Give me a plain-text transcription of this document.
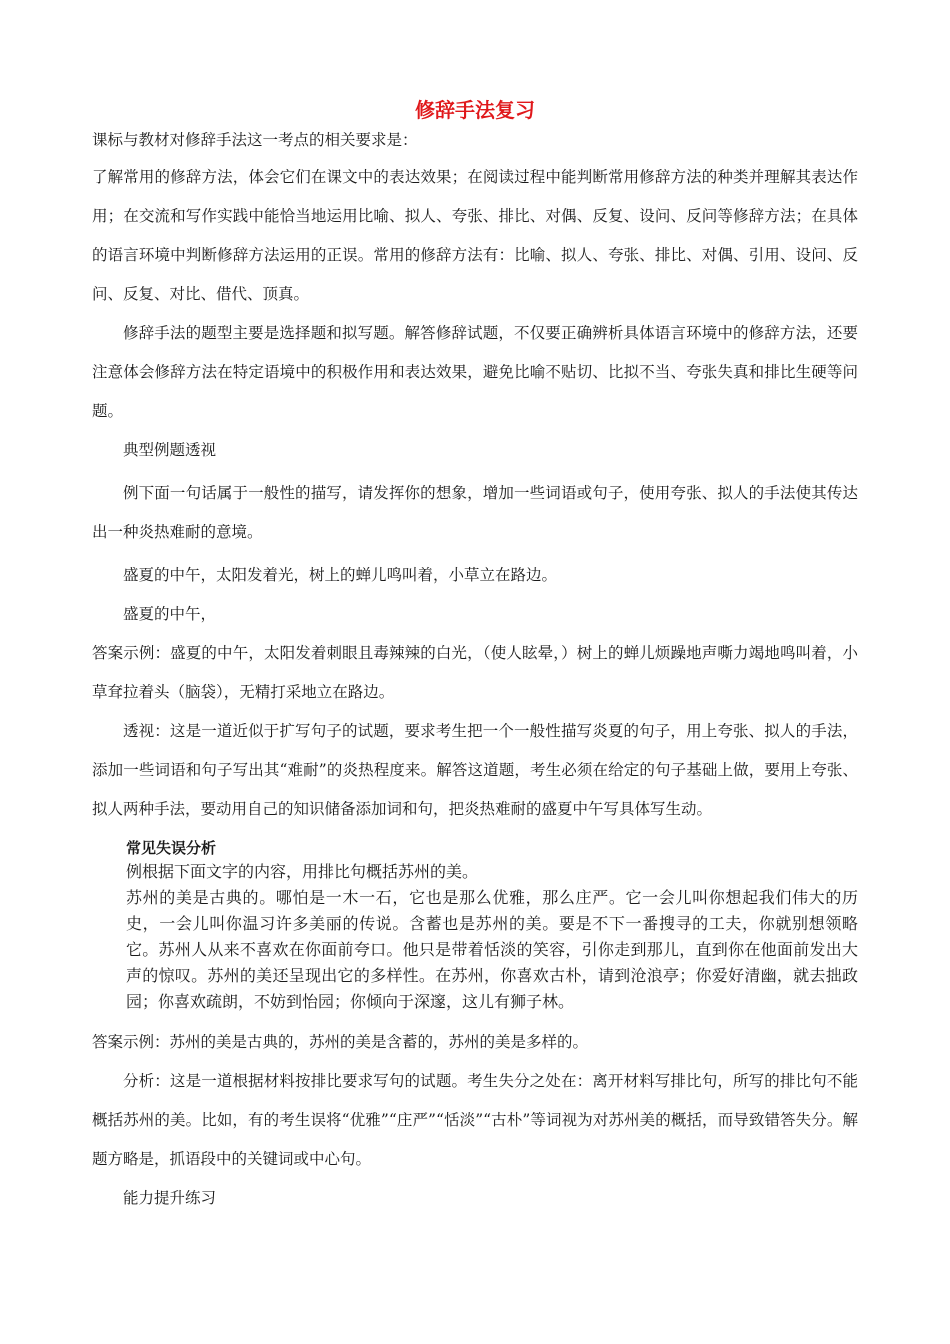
修辞手法复习

课标与教材对修辞手法这一考点的相关要求是：

了解常用的修辞方法，体会它们在课文中的表达效果；在阅读过程中能判断常用修辞方法的种类并理解其表达作用；在交流和写作实践中能恰当地运用比喻、拟人、夸张、排比、对偶、反复、设问、反问等修辞方法；在具体的语言环境中判断修辞方法运用的正误。常用的修辞方法有：比喻、拟人、夸张、排比、对偶、引用、设问、反问、反复、对比、借代、顶真。

修辞手法的题型主要是选择题和拟写题。解答修辞试题，不仅要正确辨析具体语言环境中的修辞方法，还要注意体会修辞方法在特定语境中的积极作用和表达效果，避免比喻不贴切、比拟不当、夸张失真和排比生硬等问题。

典型例题透视

例下面一句话属于一般性的描写，请发挥你的想象，增加一些词语或句子，使用夸张、拟人的手法使其传达出一种炎热难耐的意境。

盛夏的中午，太阳发着光，树上的蝉儿鸣叫着，小草立在路边。

盛夏的中午，

答案示例：盛夏的中午，太阳发着刺眼且毒辣辣的白光，（使人眩晕，）树上的蝉儿烦躁地声嘶力竭地鸣叫着，小草耷拉着头（脑袋），无精打采地立在路边。

透视：这是一道近似于扩写句子的试题，要求考生把一个一般性描写炎夏的句子，用上夸张、拟人的手法，添加一些词语和句子写出其“难耐”的炎热程度来。解答这道题，考生必须在给定的句子基础上做，要用上夸张、拟人两种手法，要动用自己的知识储备添加词和句，把炎热难耐的盛夏中午写具体写生动。

常见失误分析

例根据下面文字的内容，用排比句概括苏州的美。

苏州的美是古典的。哪怕是一木一石，它也是那么优雅，那么庄严。它一会儿叫你想起我们伟大的历史，一会儿叫你温习许多美丽的传说。含蓄也是苏州的美。要是不下一番搜寻的工夫，你就别想领略它。苏州人从来不喜欢在你面前夸口。他只是带着恬淡的笑容，引你走到那儿，直到你在他面前发出大声的惊叹。苏州的美还呈现出它的多样性。在苏州，你喜欢古朴，请到沧浪亭；你爱好清幽，就去拙政园；你喜欢疏朗，不妨到怡园；你倾向于深邃，这儿有狮子林。

答案示例：苏州的美是古典的，苏州的美是含蓄的，苏州的美是多样的。

分析：这是一道根据材料按排比要求写句的试题。考生失分之处在：离开材料写排比句，所写的排比句不能概括苏州的美。比如，有的考生误将“优雅”“庄严”“恬淡”“古朴”等词视为对苏州美的概括，而导致错答失分。解题方略是，抓语段中的关键词或中心句。

能力提升练习
